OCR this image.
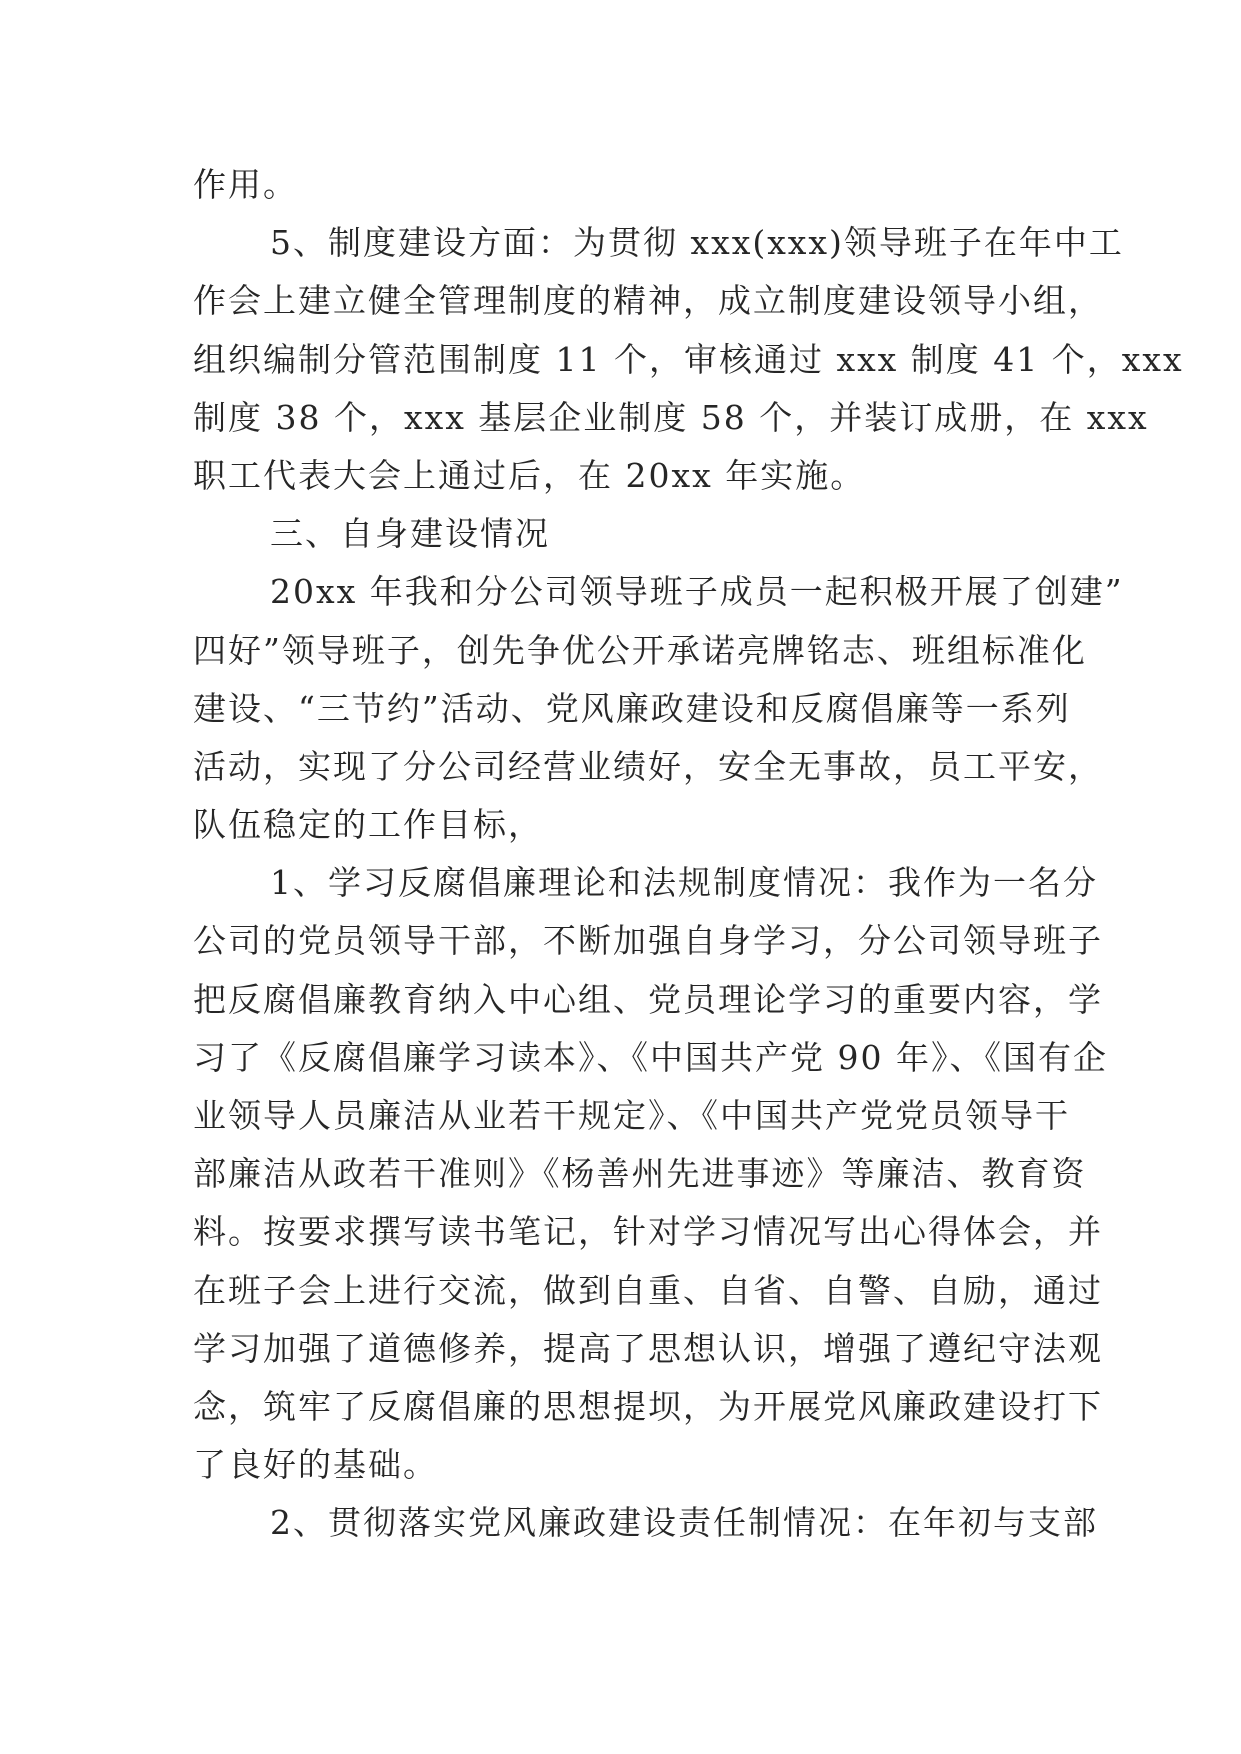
作用。
5、制度建设方面：为贯彻 xxx(xxx)领导班子在年中工
作会上建立健全管理制度的精神，成立制度建设领导小组，
组织编制分管范围制度 11 个，审核通过 xxx 制度 41 个，xxx
制度 38 个，xxx 基层企业制度 58 个，并装订成册，在 xxx
职工代表大会上通过后，在 20xx 年实施。
三、自身建设情况
20xx 年我和分公司领导班子成员一起积极开展了创建”
四好”领导班子，创先争优公开承诺亮牌铭志、班组标准化
建设、“三节约”活动、党风廉政建设和反腐倡廉等一系列
活动，实现了分公司经营业绩好，安全无事故，员工平安，
队伍稳定的工作目标，
1、学习反腐倡廉理论和法规制度情况：我作为一名分
公司的党员领导干部，不断加强自身学习，分公司领导班子
把反腐倡廉教育纳入中心组、党员理论学习的重要内容，学
习了《反腐倡廉学习读本》、《中国共产党 90 年》、《国有企
业领导人员廉洁从业若干规定》、《中国共产党党员领导干
部廉洁从政若干准则》《杨善州先进事迹》等廉洁、教育资
料。按要求撰写读书笔记，针对学习情况写出心得体会，并
在班子会上进行交流，做到自重、自省、自警、自励，通过
学习加强了道德修养，提高了思想认识，增强了遵纪守法观
念，筑牢了反腐倡廉的思想提坝，为开展党风廉政建设打下
了良好的基础。
2、贯彻落实党风廉政建设责任制情况：在年初与支部
